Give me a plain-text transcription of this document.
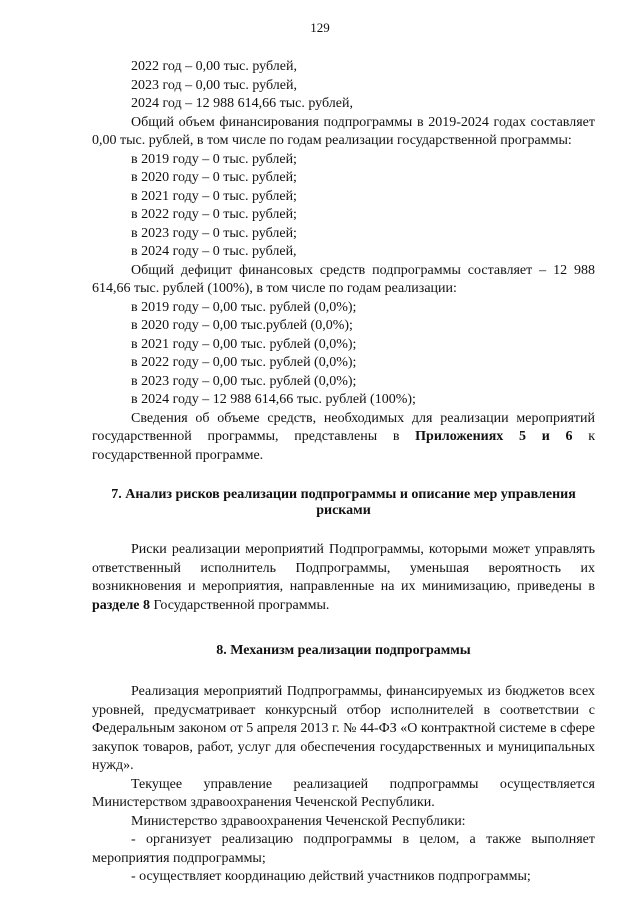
129

2022 год – 0,00 тыс. рублей,

2023 год – 0,00 тыс. рублей,

2024 год – 12 988 614,66 тыс. рублей,

Общий объем финансирования подпрограммы в 2019-2024 годах составляет 0,00 тыс. рублей, в том числе по годам реализации государственной программы:

в 2019 году – 0 тыс. рублей;

в 2020 году – 0 тыс. рублей;

в 2021 году – 0 тыс. рублей;

в 2022 году – 0 тыс. рублей;

в 2023 году – 0 тыс. рублей;

в 2024 году – 0 тыс. рублей,

Общий дефицит финансовых средств подпрограммы составляет – 12 988 614,66 тыс. рублей (100%), в том числе по годам реализации:

в 2019 году – 0,00 тыс. рублей (0,0%);

в 2020 году – 0,00 тыс.рублей (0,0%);

в 2021 году – 0,00 тыс. рублей (0,0%);

в 2022 году – 0,00 тыс. рублей (0,0%);

в 2023 году – 0,00 тыс. рублей (0,0%);

в 2024 году – 12 988 614,66 тыс. рублей (100%);

Сведения об объеме средств, необходимых для реализации мероприятий государственной программы, представлены в Приложениях 5 и 6 к государственной программе.

7. Анализ рисков реализации подпрограммы и описание мер управления рисками

Риски реализации мероприятий Подпрограммы, которыми может управлять ответственный исполнитель Подпрограммы, уменьшая вероятность их возникновения и мероприятия, направленные на их минимизацию, приведены в разделе 8 Государственной программы.

8. Механизм реализации подпрограммы

Реализация мероприятий Подпрограммы, финансируемых из бюджетов всех уровней, предусматривает конкурсный отбор исполнителей в соответствии с Федеральным законом от 5 апреля 2013 г. № 44-ФЗ «О контрактной системе в сфере закупок товаров, работ, услуг для обеспечения государственных и муниципальных нужд».

Текущее управление реализацией подпрограммы осуществляется Министерством здравоохранения Чеченской Республики.

Министерство здравоохранения Чеченской Республики:

- организует реализацию подпрограммы в целом, а также выполняет мероприятия подпрограммы;

- осуществляет координацию действий участников подпрограммы;
